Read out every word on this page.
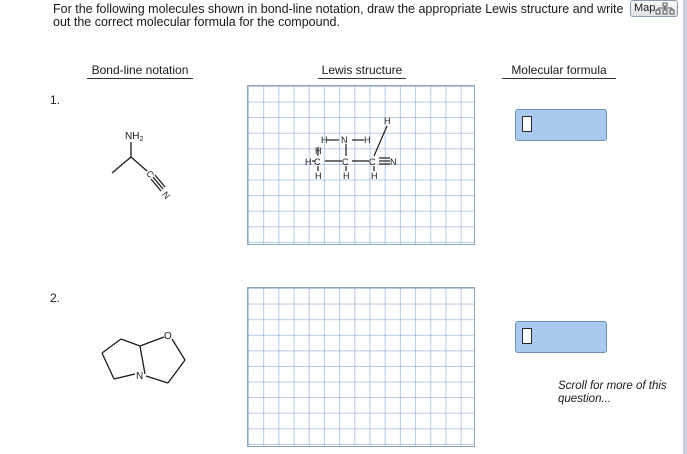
For the following molecules shown in bond-line notation, draw the appropriate Lewis structure and write out the correct molecular formula for the compound.
Map
Bond-line notation	Lewis structure	Molecular formula
1.
$NH_2$
C
N
H
H N H
H
H C C C N
H H H
2.
O
N
Scroll for more of this question...
